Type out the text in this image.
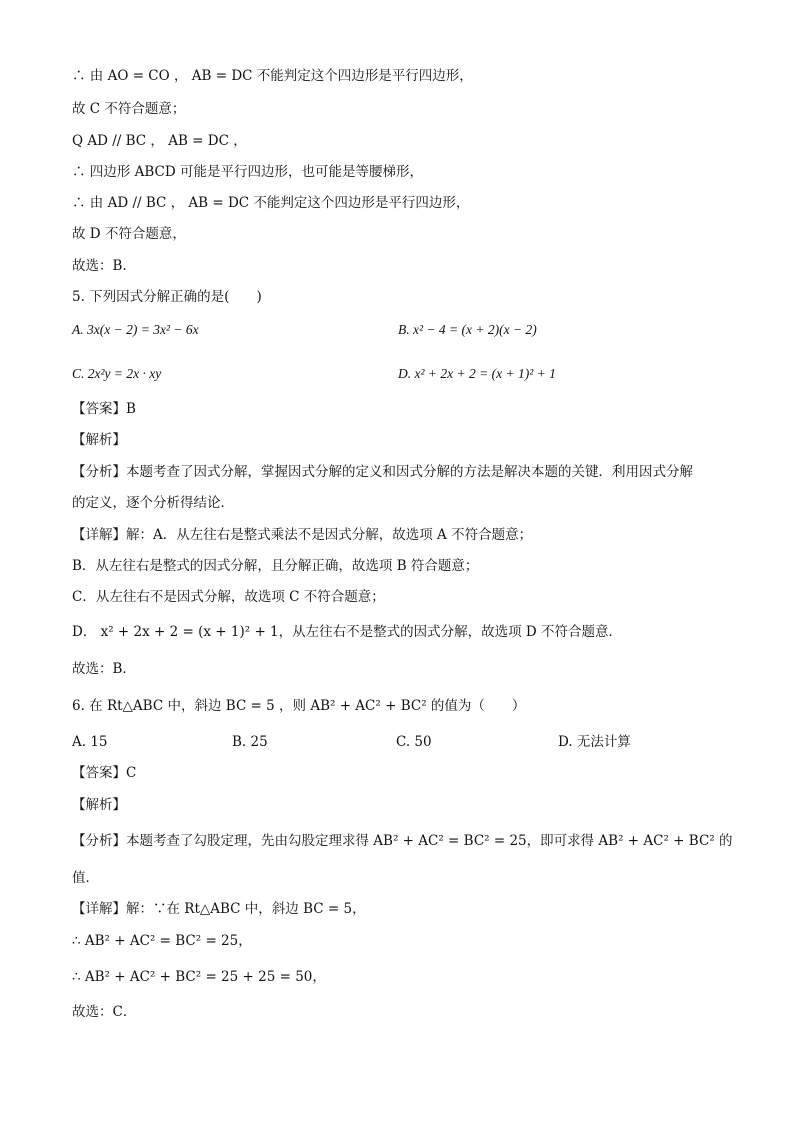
∴ 由 AO = CO ， AB = DC 不能判定这个四边形是平行四边形，
故 C 不符合题意；
Q AD // BC ， AB = DC ，
∴ 四边形 ABCD 可能是平行四边形，也可能是等腰梯形，
∴ 由 AD // BC ， AB = DC 不能判定这个四边形是平行四边形，
故 D 不符合题意，
故选：B.
5. 下列因式分解正确的是(　　)
A. 3x(x − 2) = 3x² − 6x	B. x² − 4 = (x + 2)(x − 2)
C. 2x²y = 2x · xy	D. x² + 2x + 2 = (x + 1)² + 1
【答案】B
【解析】
【分析】本题考查了因式分解，掌握因式分解的定义和因式分解的方法是解决本题的关键．利用因式分解
的定义，逐个分析得结论．
【详解】解：A．从左往右是整式乘法不是因式分解，故选项 A 不符合题意；
B．从左往右是整式的因式分解，且分解正确，故选项 B 符合题意；
C．从左往右不是因式分解，故选项 C 不符合题意；
D． x² + 2x + 2 = (x + 1)² + 1，从左往右不是整式的因式分解，故选项 D 不符合题意．
故选：B．
6. 在 Rt△ABC 中，斜边 BC = 5 ，则 AB² + AC² + BC² 的值为（　　）
A. 15	B. 25	C. 50	D. 无法计算
【答案】C
【解析】
【分析】本题考查了勾股定理，先由勾股定理求得 AB² + AC² = BC² = 25，即可求得 AB² + AC² + BC² 的
值．
【详解】解：∵在 Rt△ABC 中，斜边 BC = 5，
∴ AB² + AC² = BC² = 25，
∴ AB² + AC² + BC² = 25 + 25 = 50，
故选：C．
